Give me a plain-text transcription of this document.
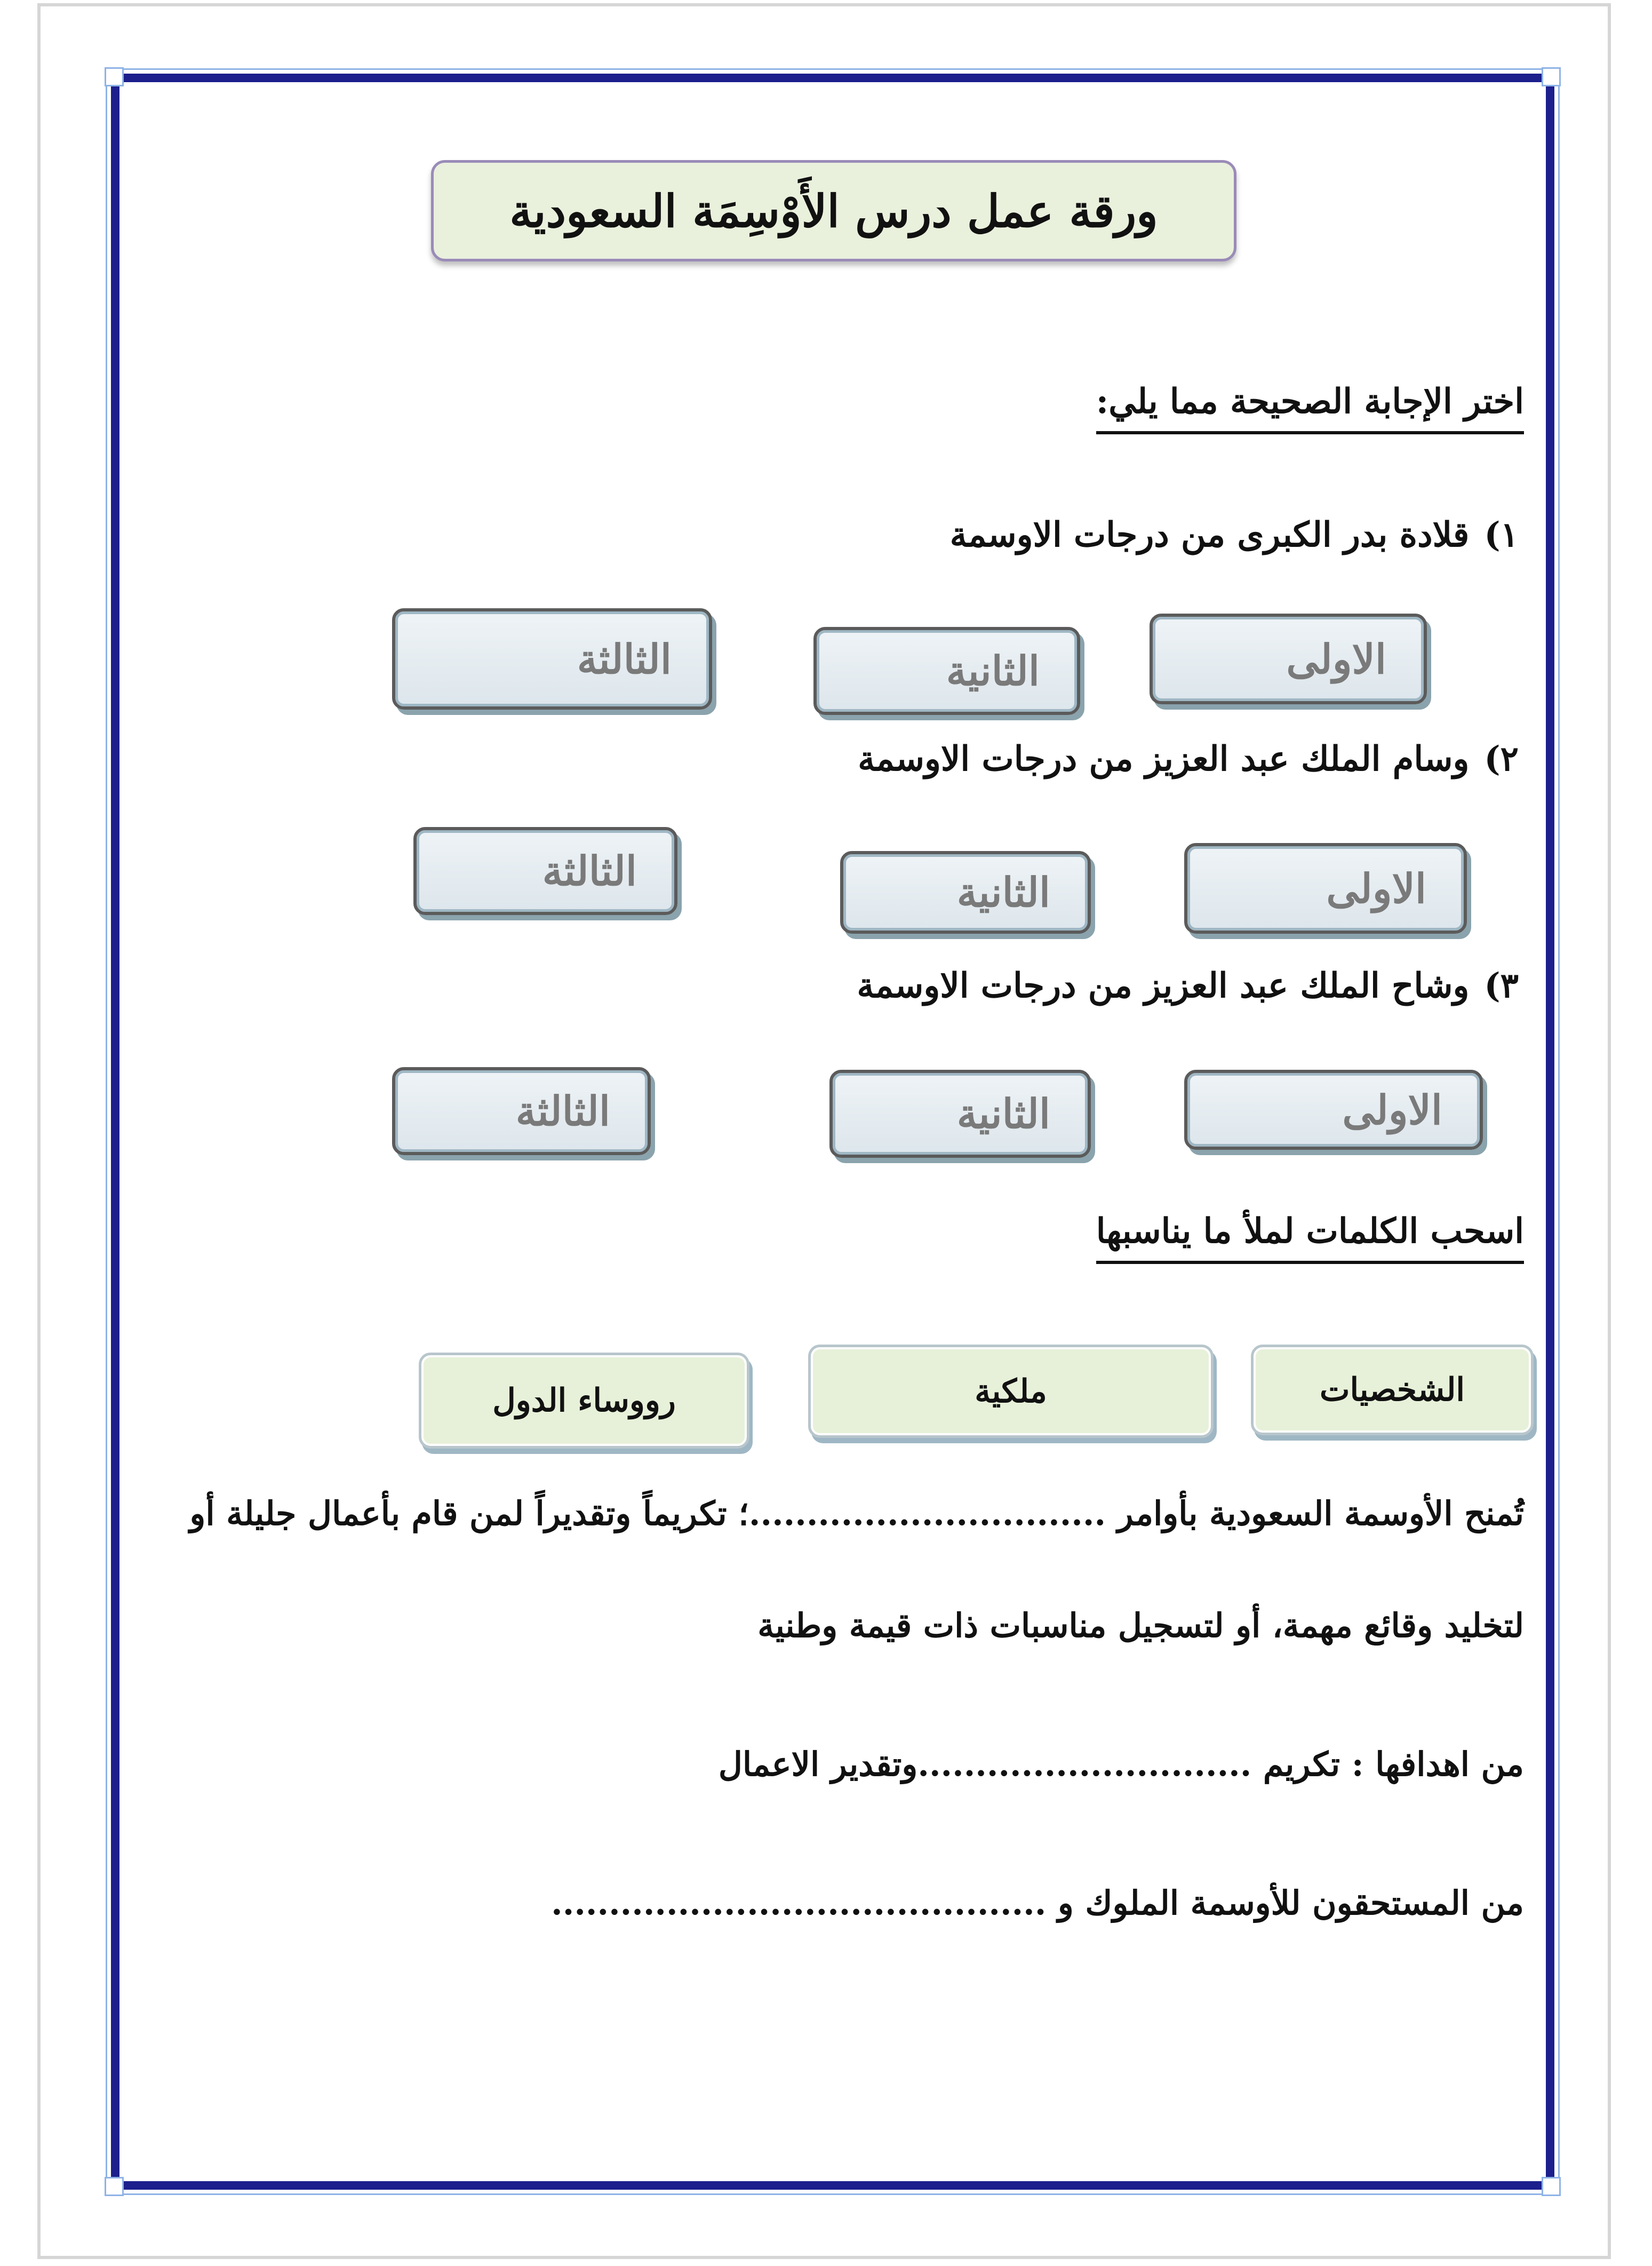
ورقة عمل درس الأَوْسِمَة السعودية
اختر الإجابة الصحيحة مما يلي:
١)قلادة بدر الكبرى من درجات الاوسمة
الاولى
الثانية
الثالثة
٢)وسام الملك عبد العزيز من درجات الاوسمة
الاولى
الثانية
الثالثة
٣)وشاح الملك عبد العزيز من درجات الاوسمة
الاولى
الثانية
الثالثة
اسحب الكلمات لملأ ما يناسبها
الشخصيات
ملكية
رووساء الدول
تُمنح الأوسمة السعودية بأوامر ...............................؛ تكريماً وتقديراً لمن قام بأعمال جليلة أو
لتخليد وقائع مهمة، أو لتسجيل مناسبات ذات قيمة وطنية
من اهدافها : تكريم .............................وتقدير الاعمال
من المستحقون للأوسمة الملوك و ...........................................
